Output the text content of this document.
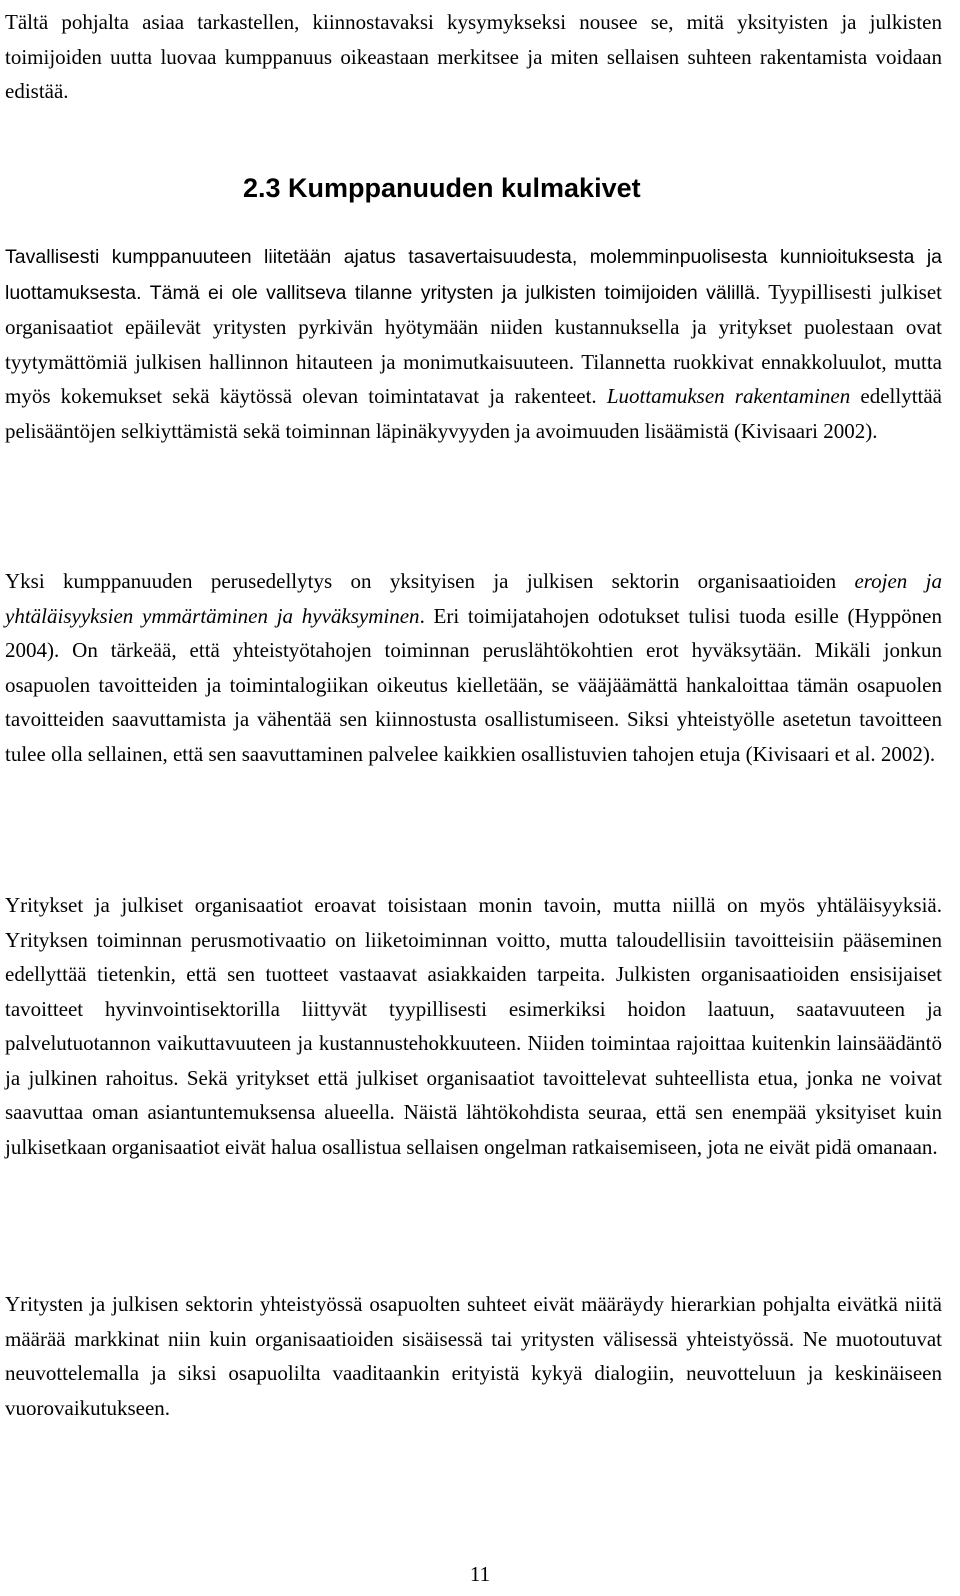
Tältä pohjalta asiaa tarkastellen, kiinnostavaksi kysymykseksi nousee se, mitä yksityisten ja julkisten toimijoiden uutta luovaa kumppanuus oikeastaan merkitsee ja miten sellaisen suhteen rakentamista voidaan edistää.

2.3 Kumppanuuden kulmakivet

Tavallisesti kumppanuuteen liitetään ajatus tasavertaisuudesta, molemminpuolisesta kunnioituksesta ja luottamuksesta. Tämä ei ole vallitseva tilanne yritysten ja julkisten toimijoiden välillä. Tyypillisesti julkiset organisaatiot epäilevät yritysten pyrkivän hyötymään niiden kustannuksella ja yritykset puolestaan ovat tyytymättömiä julkisen hallinnon hitauteen ja monimutkaisuuteen. Tilannetta ruokkivat ennakkoluulot, mutta myös kokemukset sekä käytössä olevan toimintatavat ja rakenteet. Luottamuksen rakentaminen edellyttää pelisääntöjen selkiyttämistä sekä toiminnan läpinäkyvyyden ja avoimuuden lisäämistä (Kivisaari 2002).

Yksi kumppanuuden perusedellytys on yksityisen ja julkisen sektorin organisaatioiden erojen ja yhtäläisyyksien ymmärtäminen ja hyväksyminen. Eri toimijatahojen odotukset tulisi tuoda esille (Hyppönen 2004). On tärkeää, että yhteistyötahojen toiminnan peruslähtökohtien erot hyväksytään. Mikäli jonkun osapuolen tavoitteiden ja toimintalogiikan oikeutus kielletään, se vääjäämättä hankaloittaa tämän osapuolen tavoitteiden saavuttamista ja vähentää sen kiinnostusta osallistumiseen. Siksi yhteistyölle asetetun tavoitteen tulee olla sellainen, että sen saavuttaminen palvelee kaikkien osallistuvien tahojen etuja (Kivisaari et al. 2002).

Yritykset ja julkiset organisaatiot eroavat toisistaan monin tavoin, mutta niillä on myös yhtäläisyyksiä. Yrityksen toiminnan perusmotivaatio on liiketoiminnan voitto, mutta taloudellisiin tavoitteisiin pääseminen edellyttää tietenkin, että sen tuotteet vastaavat asiakkaiden tarpeita. Julkisten organisaatioiden ensisijaiset tavoitteet hyvinvointisektorilla liittyvät tyypillisesti esimerkiksi hoidon laatuun, saatavuuteen ja palvelutuotannon vaikuttavuuteen ja kustannustehokkuuteen. Niiden toimintaa rajoittaa kuitenkin lainsäädäntö ja julkinen rahoitus. Sekä yritykset että julkiset organisaatiot tavoittelevat suhteellista etua, jonka ne voivat saavuttaa oman asiantuntemuksensa alueella. Näistä lähtökohdista seuraa, että sen enempää yksityiset kuin julkisetkaan organisaatiot eivät halua osallistua sellaisen ongelman ratkaisemiseen, jota ne eivät pidä omanaan.

Yritysten ja julkisen sektorin yhteistyössä osapuolten suhteet eivät määräydy hierarkian pohjalta eivätkä niitä määrää markkinat niin kuin organisaatioiden sisäisessä tai yritysten välisessä yhteistyössä. Ne muotoutuvat neuvottelemalla ja siksi osapuolilta vaaditaankin erityistä kykyä dialogiin, neuvotteluun ja keskinäiseen vuorovaikutukseen.

11
